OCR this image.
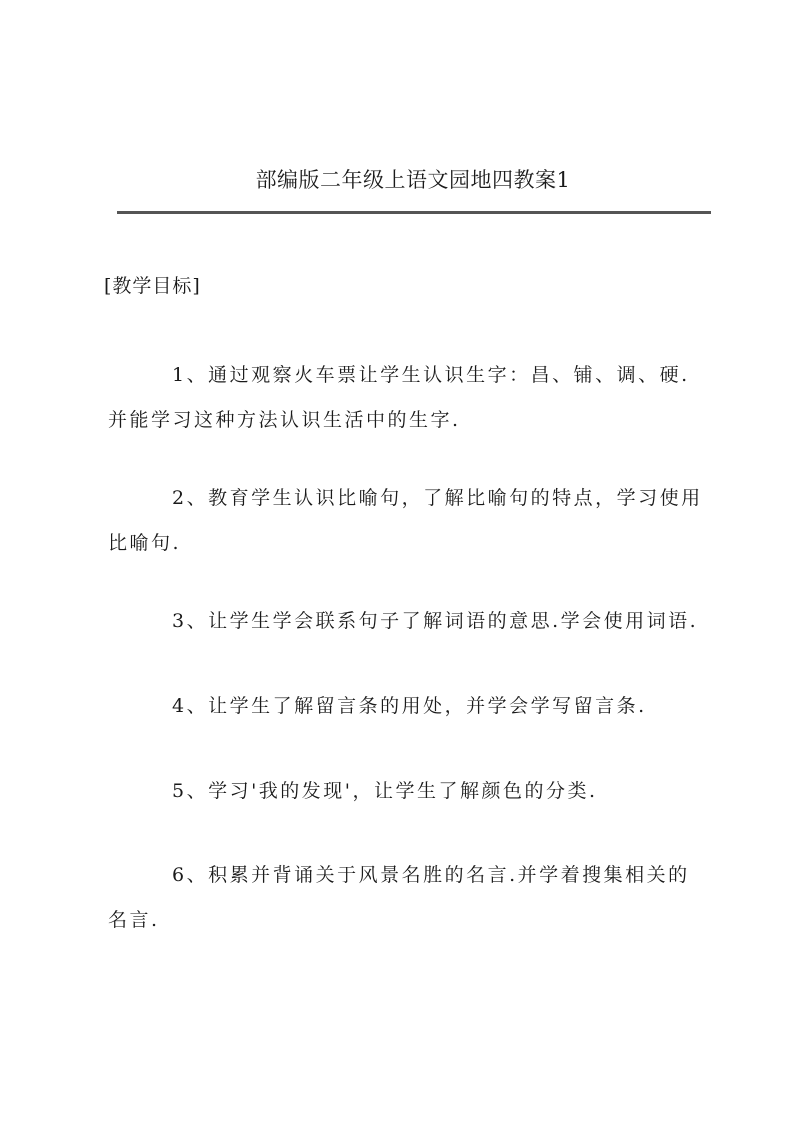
部编版二年级上语文园地四教案1
[教学目标]

1、通过观察火车票让学生认识生字：昌、铺、调、硬.并能学习这种方法认识生活中的生字.

2、教育学生认识比喻句，了解比喻句的特点，学习使用比喻句.

3、让学生学会联系句子了解词语的意思.学会使用词语.

4、让学生了解留言条的用处，并学会学写留言条.

5、学习'我的发现'，让学生了解颜色的分类.

6、积累并背诵关于风景名胜的名言.并学着搜集相关的名言.
